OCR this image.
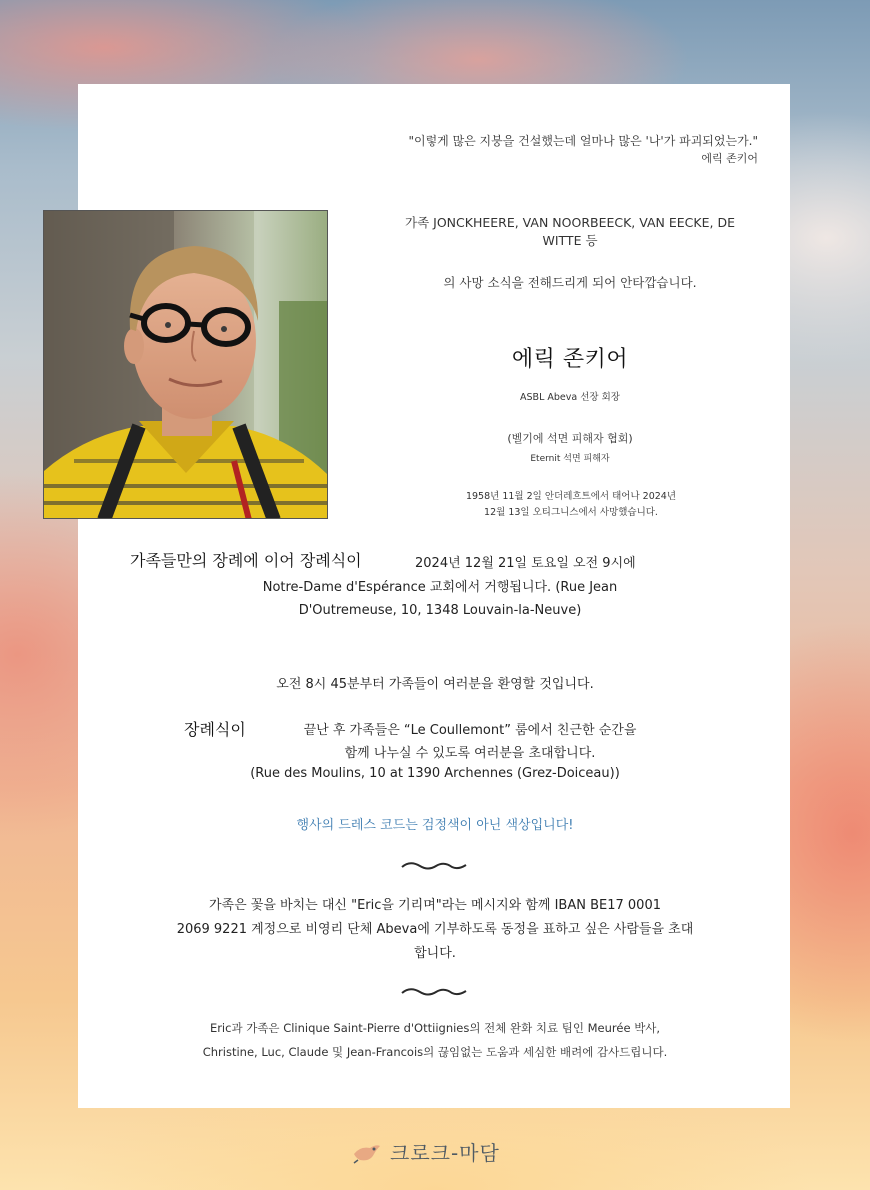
"이렇게 많은 지붕을 건설했는데 얼마나 많은 '나'가 파괴되었는가."
에릭 존키어
가족 JONCKHEERE, VAN NOORBEECK, VAN EECKE, DE WITTE 등
의 사망 소식을 전해드리게 되어 안타깝습니다.
에릭 존키어
ASBL Abeva 선장 회장
(벨기에 석면 피해자 협회)
Eternit 석면 피해자
1958년 11월 2일 안더레흐트에서 태어나 2024년
12월 13일 오티그니스에서 사망했습니다.
가족들만의 장례에 이어 장례식이	2024년 12월 21일 토요일 오전 9시에
Notre-Dame d'Espérance 교회에서 거행됩니다. (Rue Jean
D'Outremeuse, 10, 1348 Louvain-la-Neuve)
오전 8시 45분부터 가족들이 여러분을 환영할 것입니다.
장례식이	끝난 후 가족들은 “Le Coullemont” 룸에서 친근한 순간을
함께 나누실 수 있도록 여러분을 초대합니다.
(Rue des Moulins, 10 at 1390 Archennes (Grez-Doiceau))
행사의 드레스 코드는 검정색이 아닌 색상입니다!
가족은 꽃을 바치는 대신 "Eric을 기리며"라는 메시지와 함께 IBAN BE17 0001
2069 9221 계정으로 비영리 단체 Abeva에 기부하도록 동정을 표하고 싶은 사람들을 초대
합니다.
Eric과 가족은 Clinique Saint-Pierre d'Ottiignies의 전체 완화 치료 팀인 Meurée 박사,
Christine, Luc, Claude 및 Jean-Francois의 끊임없는 도움과 세심한 배려에 감사드립니다.
크로크-마담
